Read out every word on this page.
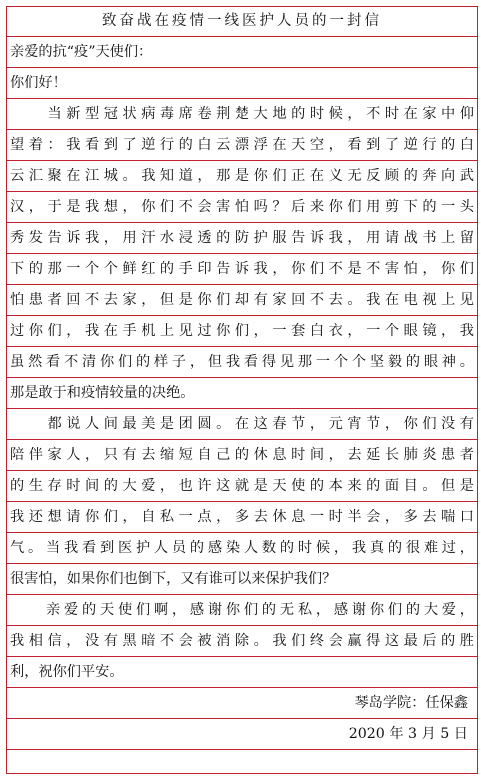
致奋战在疫情一线医护人员的一封信
亲爱的抗“疫”天使们：
你们好！
　　当新型冠状病毒席卷荆楚大地的时候，不时在家中仰
望着：我看到了逆行的白云漂浮在天空，看到了逆行的白
云汇聚在江城。我知道，那是你们正在义无反顾的奔向武
汉，于是我想，你们不会害怕吗？后来你们用剪下的一头
秀发告诉我，用汗水浸透的防护服告诉我，用请战书上留
下的那一个个鲜红的手印告诉我，你们不是不害怕，你们
怕患者回不去家，但是你们却有家回不去。我在电视上见
过你们，我在手机上见过你们，一套白衣，一个眼镜，我
虽然看不清你们的样子，但我看得见那一个个坚毅的眼神。
那是敢于和疫情较量的决绝。
　　都说人间最美是团圆。在这春节，元宵节，你们没有
陪伴家人，只有去缩短自己的休息时间，去延长肺炎患者
的生存时间的大爱，也许这就是天使的本来的面目。但是
我还想请你们，自私一点，多去休息一时半会，多去喘口
气。当我看到医护人员的感染人数的时候，我真的很难过，
很害怕，如果你们也倒下，又有谁可以来保护我们？
　　亲爱的天使们啊，感谢你们的无私，感谢你们的大爱，
我相信，没有黑暗不会被消除。我们终会赢得这最后的胜
利，祝你们平安。
琴岛学院：任保鑫
2020 年 3 月 5 日
